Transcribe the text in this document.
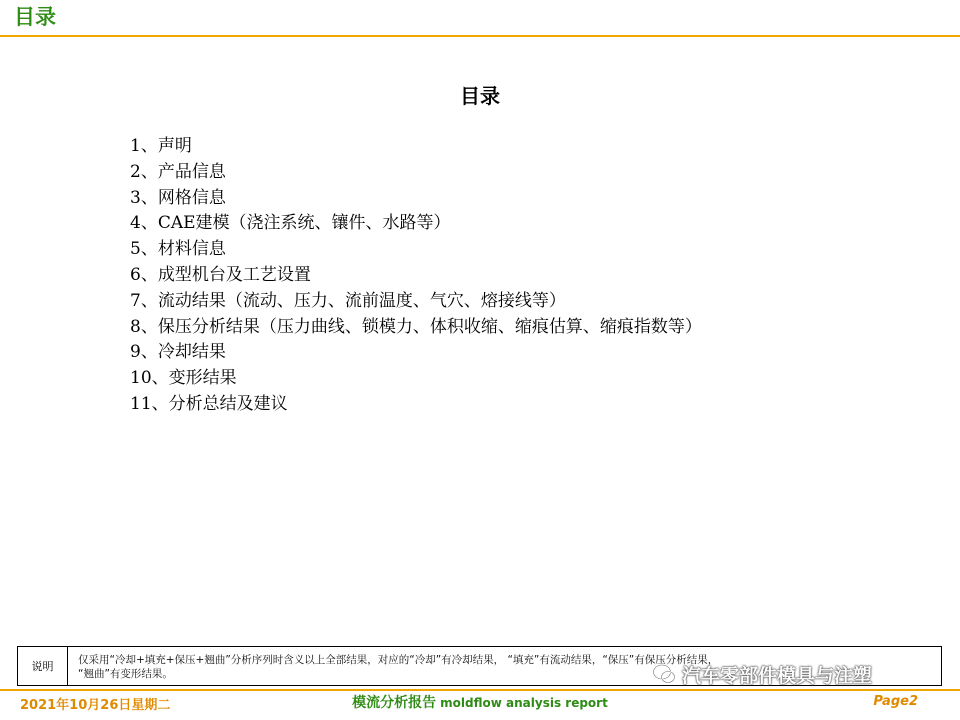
目录
目录
1、声明
2、产品信息
3、网格信息
4、CAE建模（浇注系统、镶件、水路等）
5、材料信息
6、成型机台及工艺设置
7、流动结果（流动、压力、流前温度、气穴、熔接线等）
8、保压分析结果（压力曲线、锁模力、体积收缩、缩痕估算、缩痕指数等）
9、冷却结果
10、变形结果
11、分析总结及建议
说明	仅采用“冷却+填充+保压+翘曲”分析序列时含义以上全部结果，对应的“冷却”有冷却结果， “填充”有流动结果，“保压”有保压分析结果，
“翘曲”有变形结果。	汽车零部件模具与注塑
2021年10月26日星期二	模流分析报告 moldflow analysis report	Page2
